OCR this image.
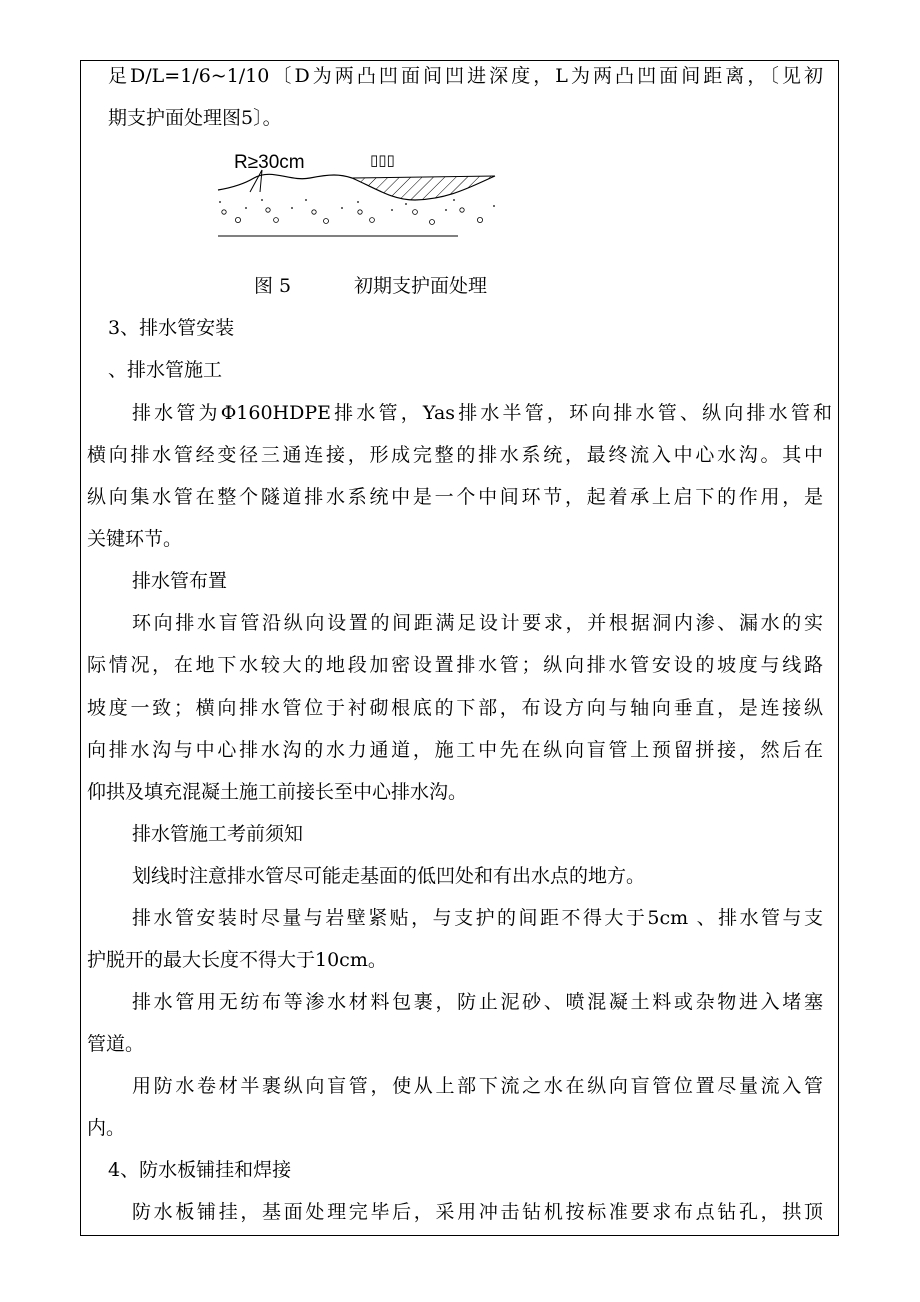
足D/L=1/6~1/10〔D为两凸凹面间凹进深度，L为两凸凹面间距离，〔见初
期支护面处理图5〕。
R≥30cm	▯▯▯
图 5	初期支护面处理
3、排水管安装
、排水管施工
排水管为Φ160HDPE排水管，Yas排水半管，环向排水管、纵向排水管和
横向排水管经变径三通连接，形成完整的排水系统，最终流入中心水沟。其中
纵向集水管在整个隧道排水系统中是一个中间环节，起着承上启下的作用，是
关键环节。
排水管布置
环向排水盲管沿纵向设置的间距满足设计要求，并根据洞内渗、漏水的实
际情况，在地下水较大的地段加密设置排水管；纵向排水管安设的坡度与线路
坡度一致；横向排水管位于衬砌根底的下部，布设方向与轴向垂直，是连接纵
向排水沟与中心排水沟的水力通道，施工中先在纵向盲管上预留拼接，然后在
仰拱及填充混凝土施工前接长至中心排水沟。
排水管施工考前须知
划线时注意排水管尽可能走基面的低凹处和有出水点的地方。
排水管安装时尽量与岩壁紧贴，与支护的间距不得大于5cm 、排水管与支
护脱开的最大长度不得大于10cm。
排水管用无纺布等渗水材料包裹，防止泥砂、喷混凝土料或杂物进入堵塞
管道。
用防水卷材半裹纵向盲管，使从上部下流之水在纵向盲管位置尽量流入管
内。
4、防水板铺挂和焊接
防水板铺挂，基面处理完毕后，采用冲击钻机按标准要求布点钻孔，拱顶
